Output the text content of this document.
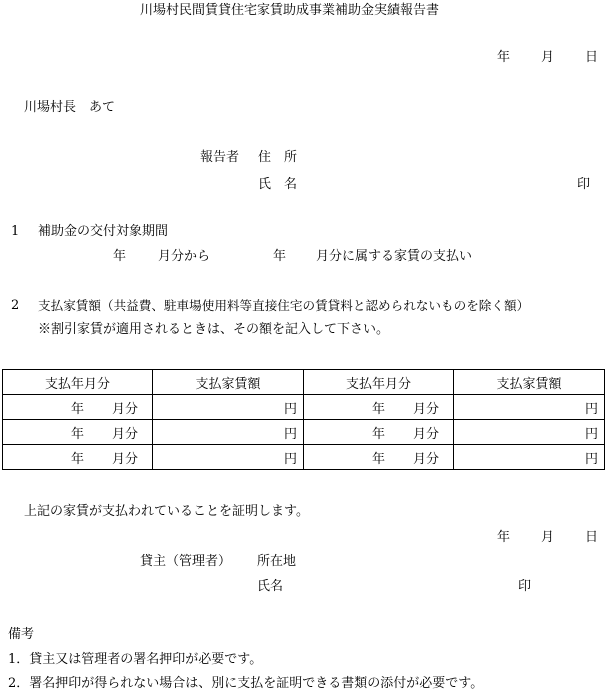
川場村民間賃貸住宅家賃助成事業補助金実績報告書
年 月 日
川場村長　あて
報告者 住　所
氏　名	印
1 補助金の交付対象期間
年 月分から	年 月分に属する家賃の支払い
2 支払家賃額（共益費、駐車場使用料等直接住宅の賃貸料と認められないものを除く額）
※割引家賃が適用されるときは、その額を記入して下さい。
支払年月分	支払家賃額	支払年月分	支払家賃額
年 月分	円	年 月分	円
年 月分	円	年 月分	円
年 月分	円	年 月分	円
上記の家賃が支払われていることを証明します。
年 月 日
貸主（管理者） 所在地
氏名	印
備考
1．貸主又は管理者の署名押印が必要です。
2．署名押印が得られない場合は、別に支払を証明できる書類の添付が必要です。
